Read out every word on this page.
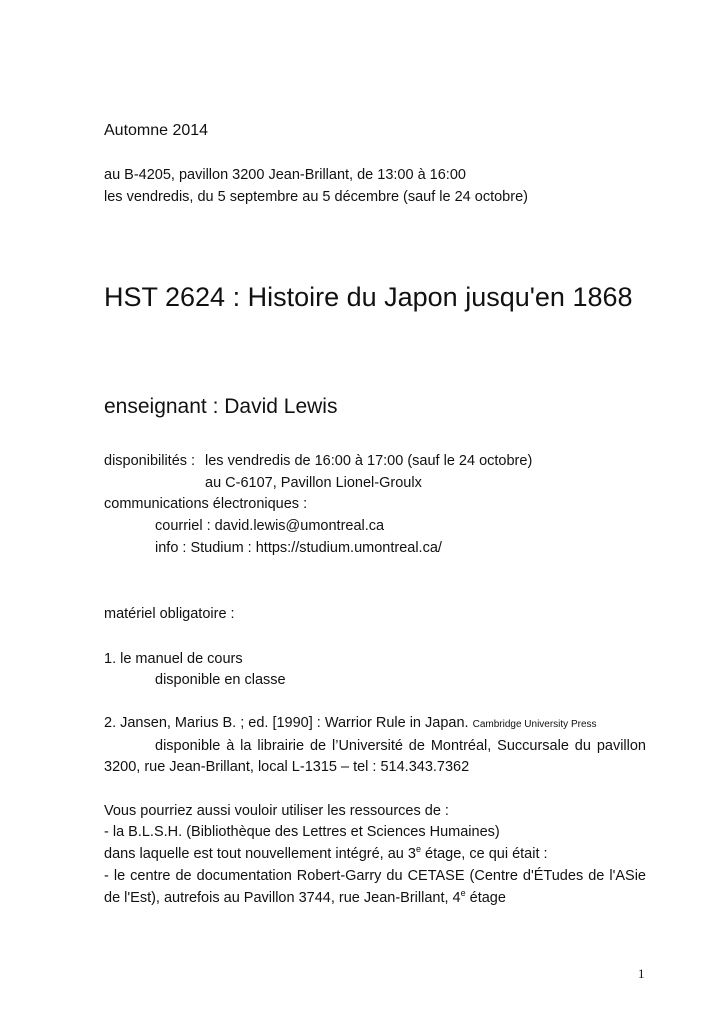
Automne 2014
au B-4205, pavillon 3200 Jean-Brillant, de 13:00 à 16:00
les vendredis, du 5 septembre au 5 décembre (sauf le 24 octobre)
HST 2624 : Histoire du Japon jusqu'en 1868
enseignant : David Lewis
disponibilités : les vendredis de 16:00 à 17:00 (sauf le 24 octobre)
au C-6107, Pavillon Lionel-Groulx
communications électroniques :
courriel : david.lewis@umontreal.ca
info : Studium : https://studium.umontreal.ca/
matériel obligatoire :
1. le manuel de cours
disponible en classe
2. Jansen, Marius B. ; ed. [1990] : Warrior Rule in Japan. Cambridge University Press
disponible à la librairie de l’Université de Montréal, Succursale du pavillon
3200, rue Jean-Brillant, local L-1315 – tel : 514.343.7362
Vous pourriez aussi vouloir utiliser les ressources de :
- la B.L.S.H. (Bibliothèque des Lettres et Sciences Humaines)
dans laquelle est tout nouvellement intégré, au 3e étage, ce qui était :
- le centre de documentation Robert-Garry du CETASE (Centre d'ÉTudes de l'ASie
de l'Est), autrefois au Pavillon 3744, rue Jean-Brillant, 4e étage
1
